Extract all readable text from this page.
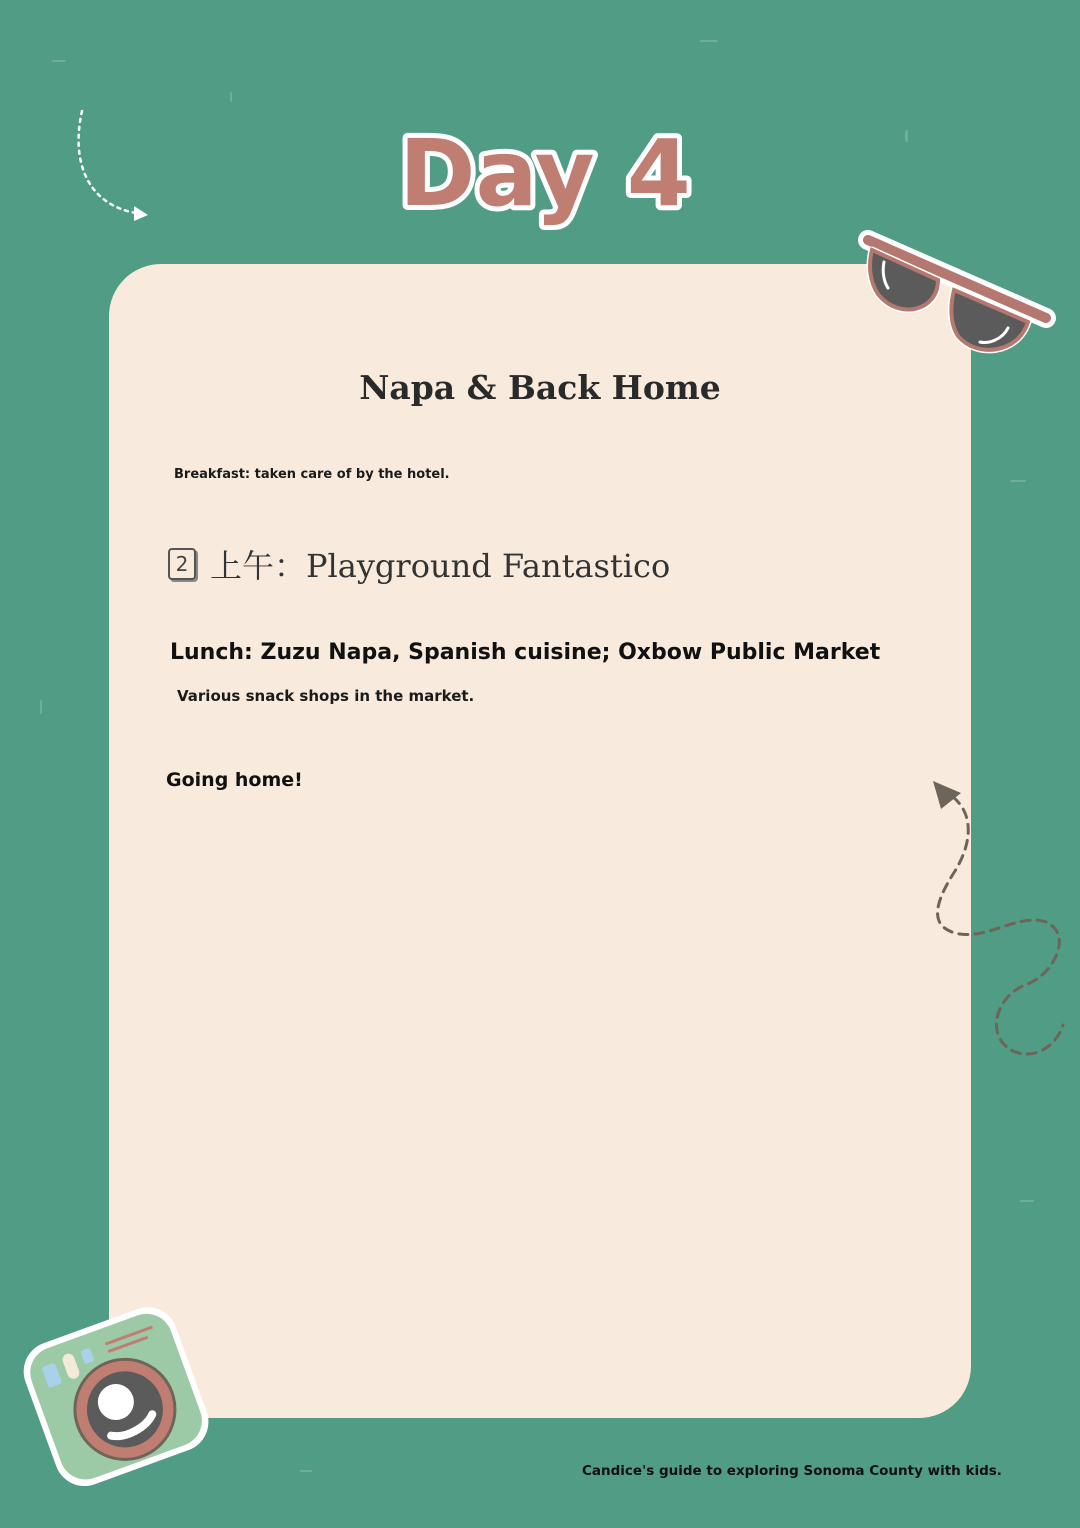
Day 4
Napa & Back Home
Breakfast: taken care of by the hotel.
2 上午：Playground Fantastico
Lunch: Zuzu Napa, Spanish cuisine; Oxbow Public Market
Various snack shops in the market.
Going home!
Candice's guide to exploring Sonoma County with kids.
